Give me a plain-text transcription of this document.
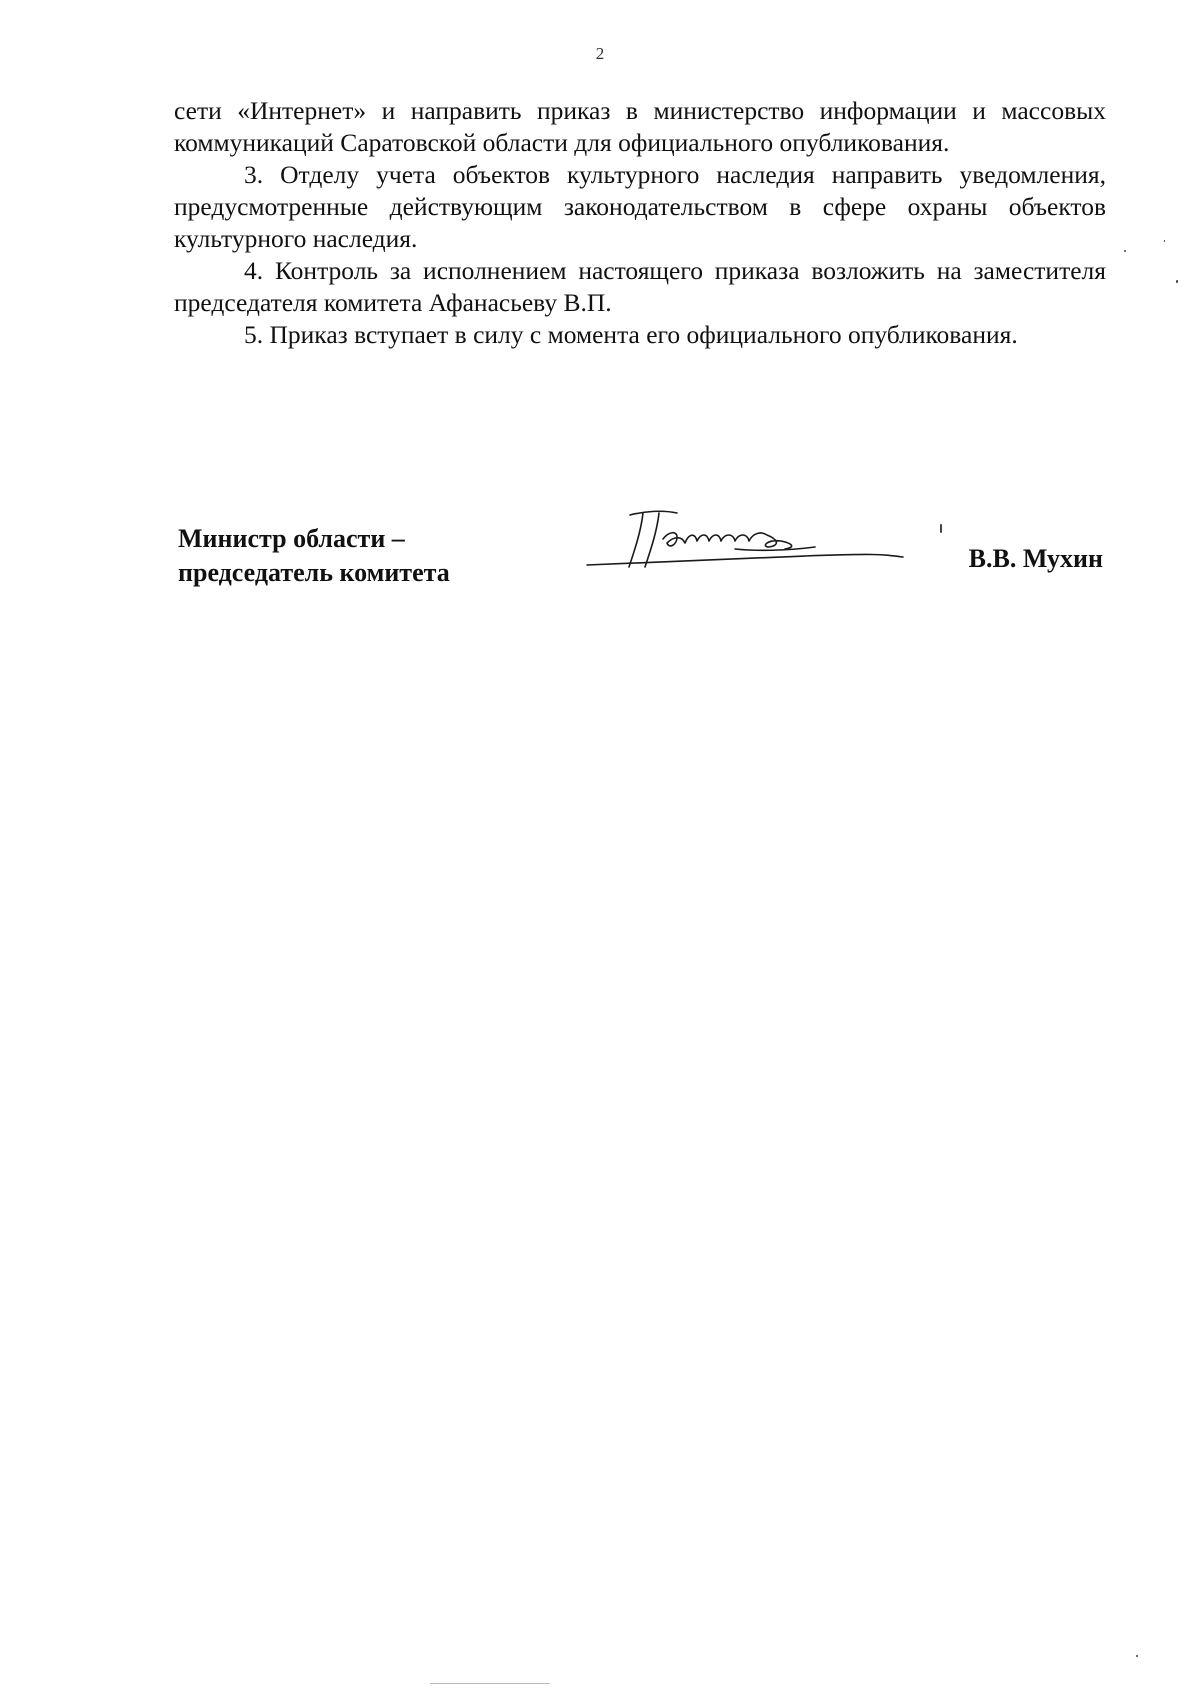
2

сети «Интернет» и направить приказ в министерство информации и массовых коммуникаций Саратовской области для официального опубликования.

3. Отделу учета объектов культурного наследия направить уведомления, предусмотренные действующим законодательством в сфере охраны объектов культурного наследия.

4. Контроль за исполнением настоящего приказа возложить на заместителя председателя комитета Афанасьеву В.П.

5. Приказ вступает в силу с момента его официального опубликования.

Министр области –
председатель комитета	В.В. Мухин
